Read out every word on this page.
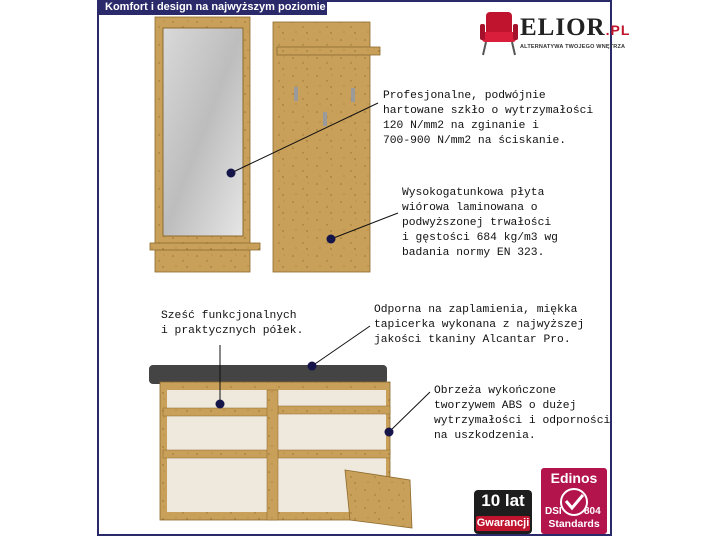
Komfort i design na najwyższym poziomie
ELIOR.PL
ALTERNATYWA TWOJEGO WNĘTRZA
Profesjonalne, podwójnie
hartowane szkło o wytrzymałości
120 N/mm2 na zginanie i
700-900 N/mm2 na ściskanie.
Wysokogatunkowa płyta
wiórowa laminowana o
podwyższonej trwałości
i gęstości 684 kg/m3 wg
badania normy EN 323.
Sześć funkcjonalnych
i praktycznych półek.
Odporna na zaplamienia, miękka
tapicerka wykonana z najwyższej
jakości tkaniny Alcantar Pro.
Obrzeża wykończone
tworzywem ABS o dużej
wytrzymałości i odporności
na uszkodzenia.
10 lat
Gwarancji
Edinos
DSI 804
Standards
